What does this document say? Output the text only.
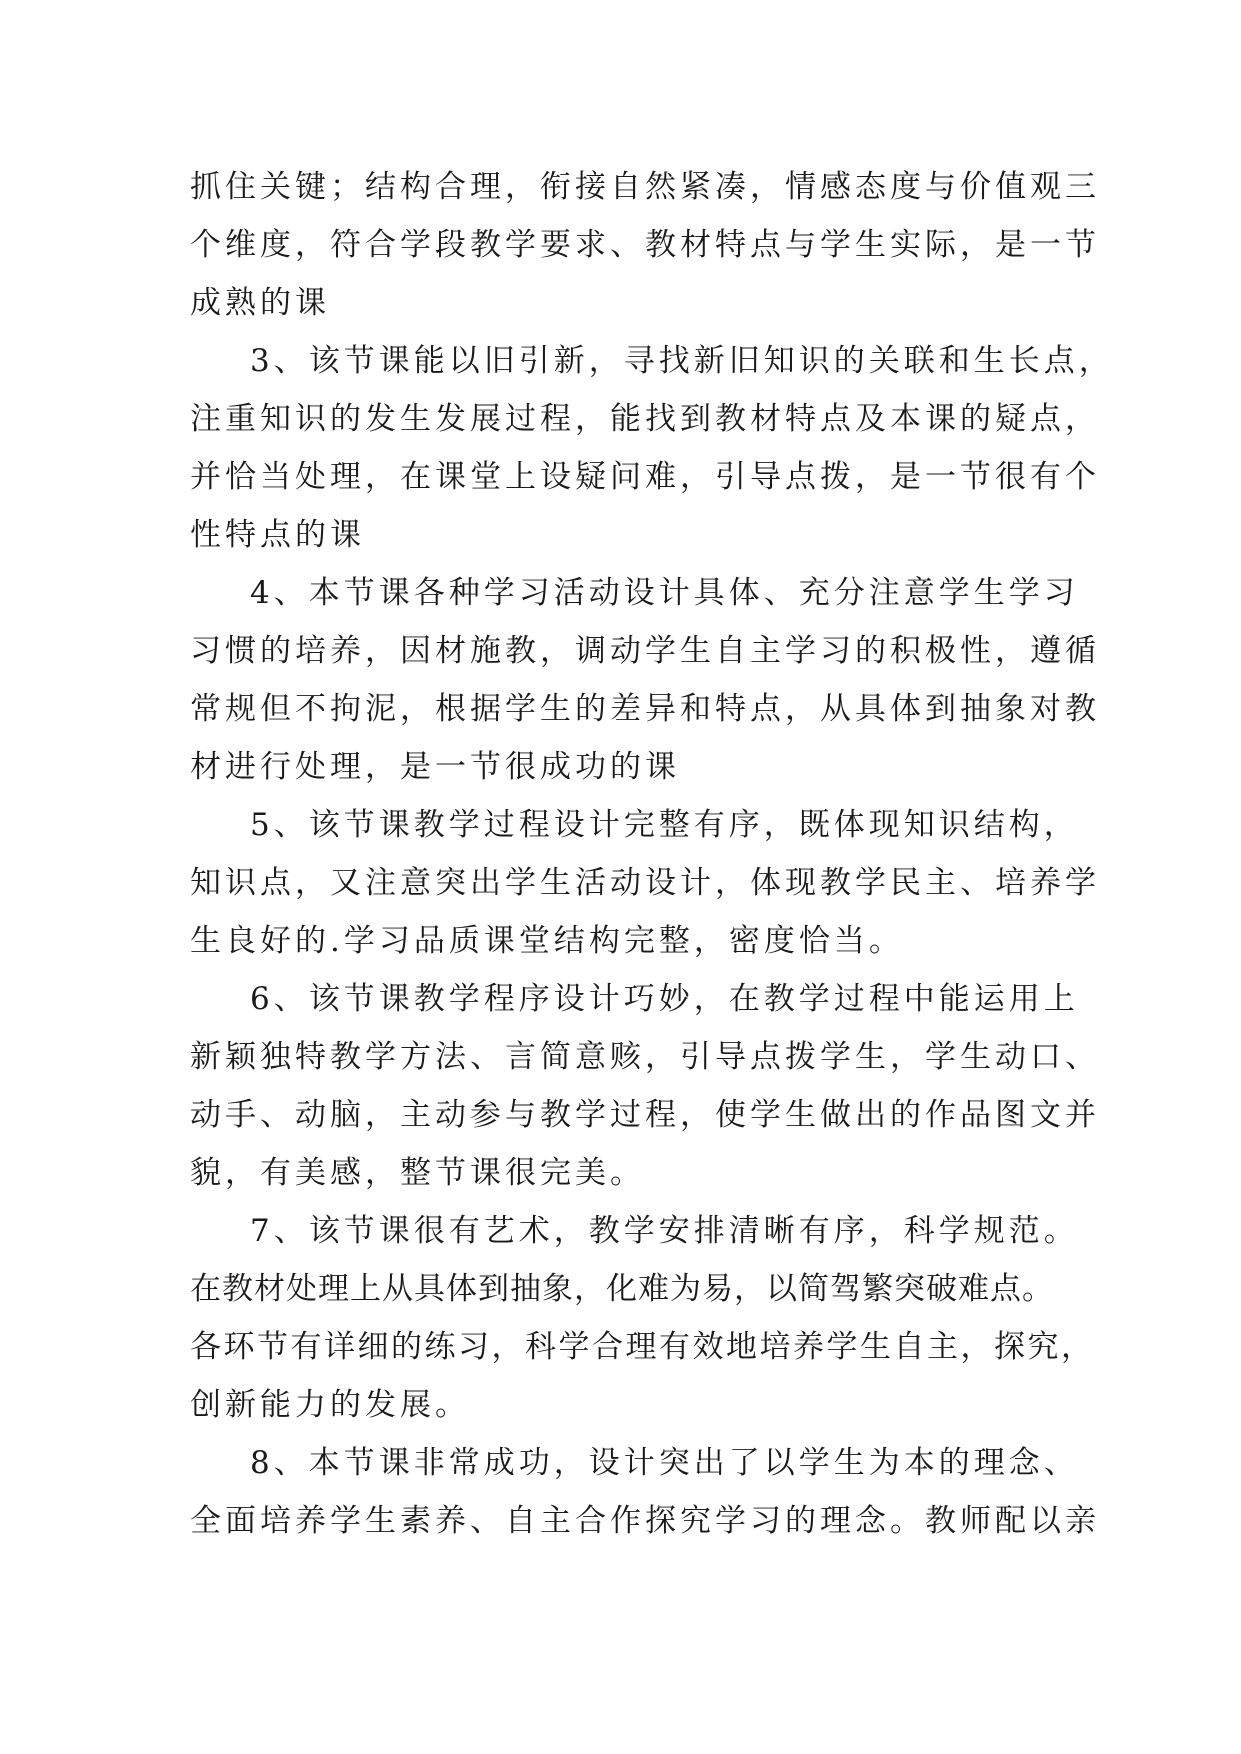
抓住关键；结构合理，衔接自然紧凑，情感态度与价值观三
个维度，符合学段教学要求、教材特点与学生实际，是一节
成熟的课
3、该节课能以旧引新，寻找新旧知识的关联和生长点，
注重知识的发生发展过程，能找到教材特点及本课的疑点，
并恰当处理，在课堂上设疑问难，引导点拨，是一节很有个
性特点的课
4、本节课各种学习活动设计具体、充分注意学生学习
习惯的培养，因材施教，调动学生自主学习的积极性，遵循
常规但不拘泥，根据学生的差异和特点，从具体到抽象对教
材进行处理，是一节很成功的课
5、该节课教学过程设计完整有序，既体现知识结构，
知识点，又注意突出学生活动设计，体现教学民主、培养学
生良好的.学习品质课堂结构完整，密度恰当。
6、该节课教学程序设计巧妙，在教学过程中能运用上
新颖独特教学方法、言简意赅，引导点拨学生，学生动口、
动手、动脑，主动参与教学过程，使学生做出的作品图文并
貌，有美感，整节课很完美。
7、该节课很有艺术，教学安排清晰有序，科学规范。
在教材处理上从具体到抽象，化难为易，以简驾繁突破难点。
各环节有详细的练习，科学合理有效地培养学生自主，探究，
创新能力的发展。
8、本节课非常成功，设计突出了以学生为本的理念、
全面培养学生素养、自主合作探究学习的理念。教师配以亲
